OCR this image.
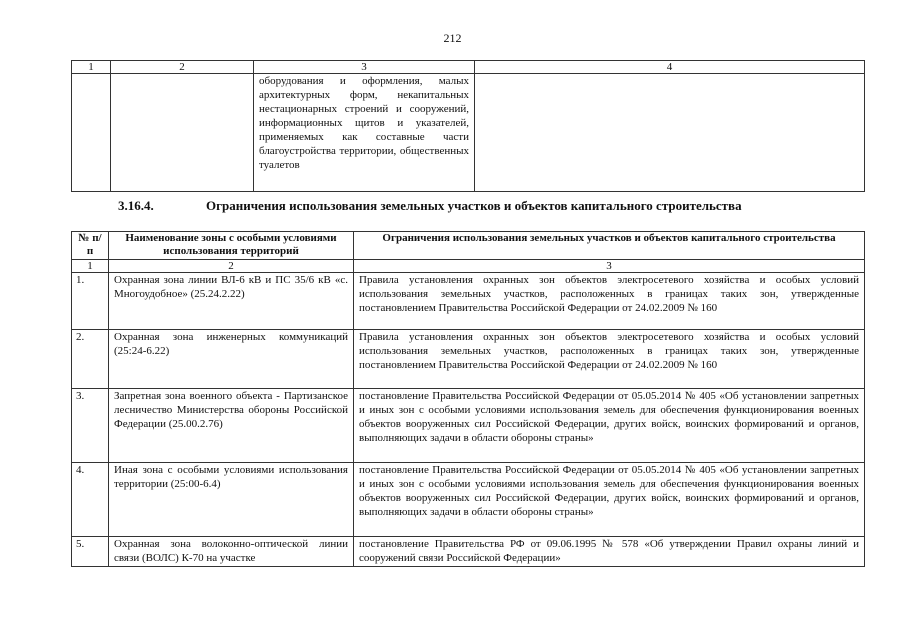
212
1	2	3	4
		оборудования и оформления, малых архитектурных форм, некапитальных нестационарных строений и сооружений, информационных щитов и указателей, применяемых как составные части благоустройства территории, общественных туалетов	
3.16.4.	Ограничения использования земельных участков и объектов капитального строительства
№ п/п	Наименование зоны с особыми условиями использования территорий	Ограничения использования земельных участков и объектов капитального строительства
1	2	3
1.	Охранная зона линии ВЛ-6 кВ и ПС 35/6 кВ «с. Многоудобное» (25.24.2.22)	Правила установления охранных зон объектов электросетевого хозяйства и особых условий использования земельных участков, расположенных в границах таких зон, утвержденные постановлением Правительства Российской Федерации от 24.02.2009 № 160
2.	Охранная зона инженерных коммуникаций (25:24-6.22)	Правила установления охранных зон объектов электросетевого хозяйства и особых условий использования земельных участков, расположенных в границах таких зон, утвержденные постановлением Правительства Российской Федерации от 24.02.2009 № 160
3.	Запретная зона военного объекта - Партизанское лесничество Министерства обороны Российской Федерации (25.00.2.76)	постановление Правительства Российской Федерации от 05.05.2014 № 405 «Об установлении запретных и иных зон с особыми условиями использования земель для обеспечения функционирования военных объектов вооруженных сил Российской Федерации, других войск, воинских формирований и органов, выполняющих задачи в области обороны страны»
4.	Иная зона с особыми условиями использования территории (25:00-6.4)	постановление Правительства Российской Федерации от 05.05.2014 № 405 «Об установлении запретных и иных зон с особыми условиями использования земель для обеспечения функционирования военных объектов вооруженных сил Российской Федерации, других войск, воинских формирований и органов, выполняющих задачи в области обороны страны»
5.	Охранная зона волоконно-оптической линии связи (ВОЛС) К-70 на участке	постановление Правительства РФ от 09.06.1995 № 578 «Об утверждении Правил охраны линий и сооружений связи Российской Федерации»
